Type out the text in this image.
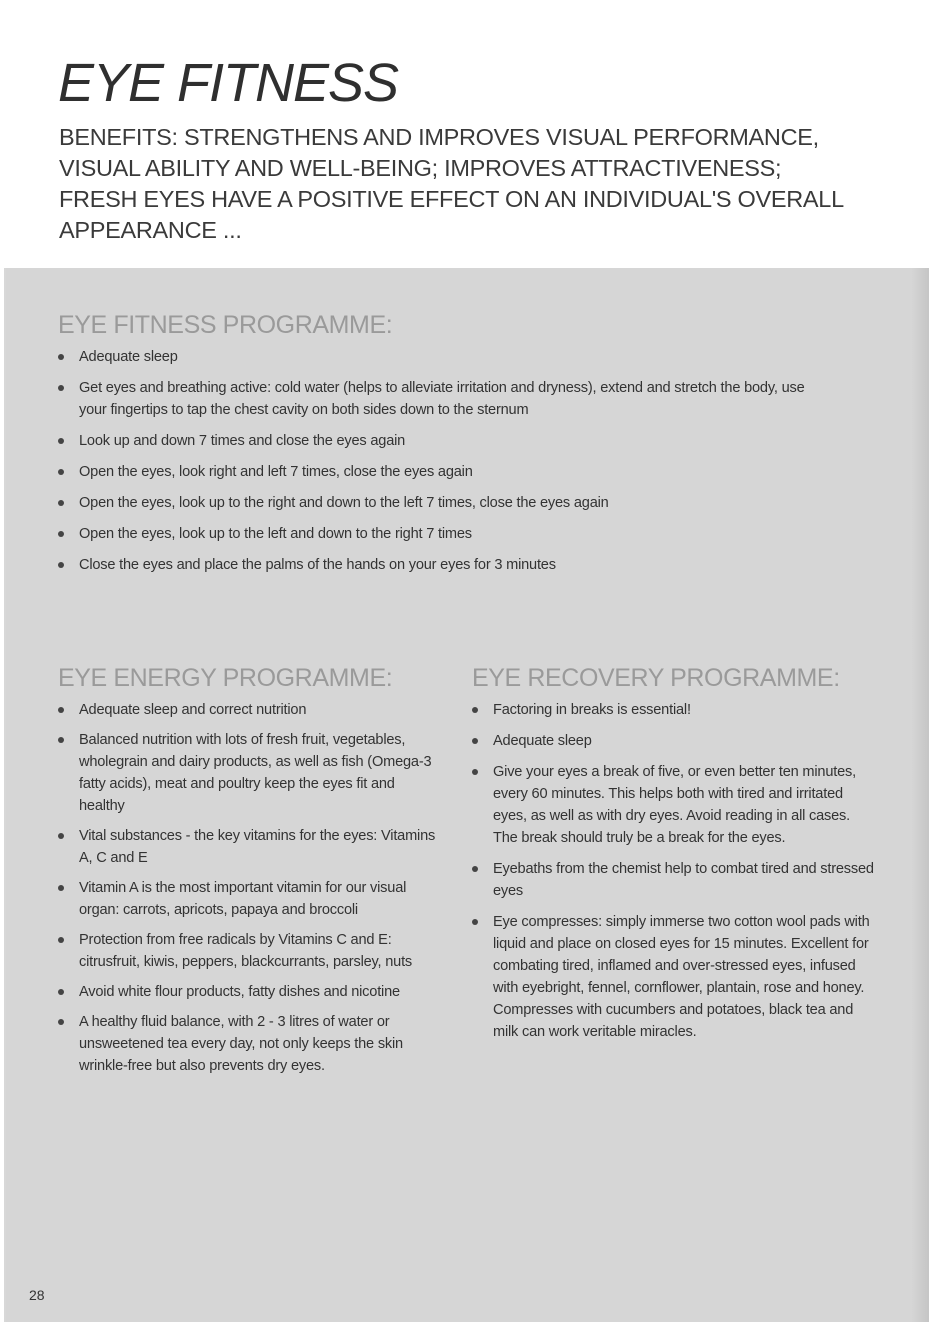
EYE FITNESS

BENEFITS: STRENGTHENS AND IMPROVES VISUAL PERFORMANCE, VISUAL ABILITY AND WELL-BEING; IMPROVES ATTRACTIVENESS; FRESH EYES HAVE A POSITIVE EFFECT ON AN INDIVIDUAL'S OVERALL APPEARANCE ...

EYE FITNESS PROGRAMME:
Adequate sleep
Get eyes and breathing active: cold water (helps to alleviate irritation and dryness), extend and stretch the body, use your fingertips to tap the chest cavity on both sides down to the sternum
Look up and down 7 times and close the eyes again
Open the eyes, look right and left 7 times, close the eyes again
Open the eyes, look up to the right and down to the left 7 times, close the eyes again
Open the eyes, look up to the left and down to the right 7 times
Close the eyes and place the palms of the hands on your eyes for 3 minutes
EYE ENERGY PROGRAMME:
Adequate sleep and correct nutrition
Balanced nutrition with lots of fresh fruit, vegetables, wholegrain and dairy products, as well as fish (Omega-3 fatty acids), meat and poultry keep the eyes fit and healthy
Vital substances - the key vitamins for the eyes: Vitamins A, C and E
Vitamin A is the most important vitamin for our visual organ: carrots, apricots, papaya and broccoli
Protection from free radicals by Vitamins C and E: citrusfruit, kiwis, peppers, blackcurrants, parsley, nuts
Avoid white flour products, fatty dishes and nicotine
A healthy fluid balance, with 2 - 3 litres of water or unsweetened tea every day, not only keeps the skin wrinkle-free but also prevents dry eyes.
EYE RECOVERY PROGRAMME:
Factoring in breaks is essential!
Adequate sleep
Give your eyes a break of five, or even better ten minutes, every 60 minutes. This helps both with tired and irritated eyes, as well as with dry eyes. Avoid reading in all cases. The break should truly be a break for the eyes.
Eyebaths from the chemist help to combat tired and stressed eyes
Eye compresses: simply immerse two cotton wool pads with liquid and place on closed eyes for 15 minutes. Excellent for combating tired, inflamed and over-stressed eyes, infused with eyebright, fennel, cornflower, plantain, rose and honey. Compresses with cucumbers and potatoes, black tea and milk can work veritable miracles.
28
